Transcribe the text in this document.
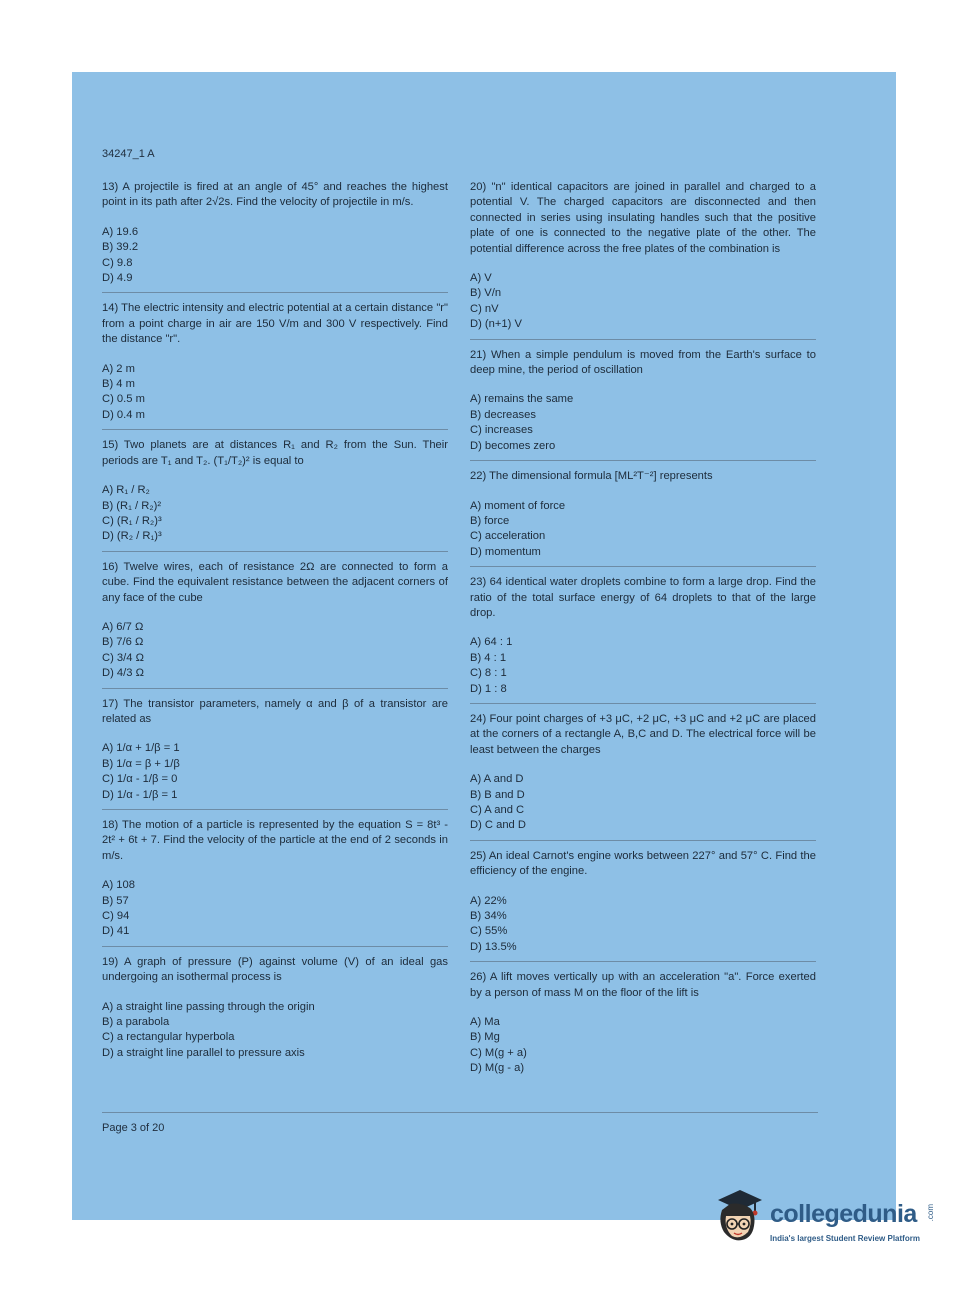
34247_1 A
13) A projectile is fired at an angle of 45° and reaches the highest point in its path after 2√2s. Find the velocity of projectile in m/s.
A) 19.6
B) 39.2
C) 9.8
D) 4.9
14) The electric intensity and electric potential at a certain distance "r" from a point charge in air are 150 V/m and 300 V respectively. Find the distance "r".
A) 2 m
B) 4 m
C) 0.5 m
D) 0.4 m
15) Two planets are at distances R₁ and R₂ from the Sun. Their periods are T₁ and T₂. (T₁/T₂)² is equal to
A) R₁ / R₂
B) (R₁ / R₂)²
C) (R₁ / R₂)³
D) (R₂ / R₁)³
16) Twelve wires, each of resistance 2Ω are connected to form a cube. Find the equivalent resistance between the adjacent corners of any face of the cube
A) 6/7 Ω
B) 7/6 Ω
C) 3/4 Ω
D) 4/3 Ω
17) The transistor parameters, namely α and β of a transistor are related as
A) 1/α + 1/β = 1
B) 1/α = β + 1/β
C) 1/α - 1/β = 0
D) 1/α - 1/β = 1
18) The motion of a particle is represented by the equation S = 8t³ - 2t² + 6t + 7. Find the velocity of the particle at the end of 2 seconds in m/s.
A) 108
B) 57
C) 94
D) 41
19) A graph of pressure (P) against volume (V) of an ideal gas undergoing an isothermal process is
A) a straight line passing through the origin
B) a parabola
C) a rectangular hyperbola
D) a straight line parallel to pressure axis
20) "n" identical capacitors are joined in parallel and charged to a potential V. The charged capacitors are disconnected and then connected in series using insulating handles such that the positive plate of one is connected to the negative plate of the other. The potential difference across the free plates of the combination is
A) V
B) V/n
C) nV
D) (n+1) V
21) When a simple pendulum is moved from the Earth's surface to deep mine, the period of oscillation
A) remains the same
B) decreases
C) increases
D) becomes zero
22) The dimensional formula [ML²T⁻²] represents
A) moment of force
B) force
C) acceleration
D) momentum
23) 64 identical water droplets combine to form a large drop. Find the ratio of the total surface energy of 64 droplets to that of the large drop.
A) 64 : 1
B) 4 : 1
C) 8 : 1
D) 1 : 8
24) Four point charges of +3 μC, +2 μC, +3 μC and +2 μC are placed at the corners of a rectangle A, B,C and D. The electrical force will be least between the charges
A) A and D
B) B and D
C) A and C
D) C and D
25) An ideal Carnot's engine works between 227° and 57° C. Find the efficiency of the engine.
A) 22%
B) 34%
C) 55%
D) 13.5%
26) A lift moves vertically up with an acceleration "a". Force exerted by a person of mass M on the floor of the lift is
A) Ma
B) Mg
C) M(g + a)
D) M(g - a)
Page 3 of 20
collegedunia .com
India's largest Student Review Platform
